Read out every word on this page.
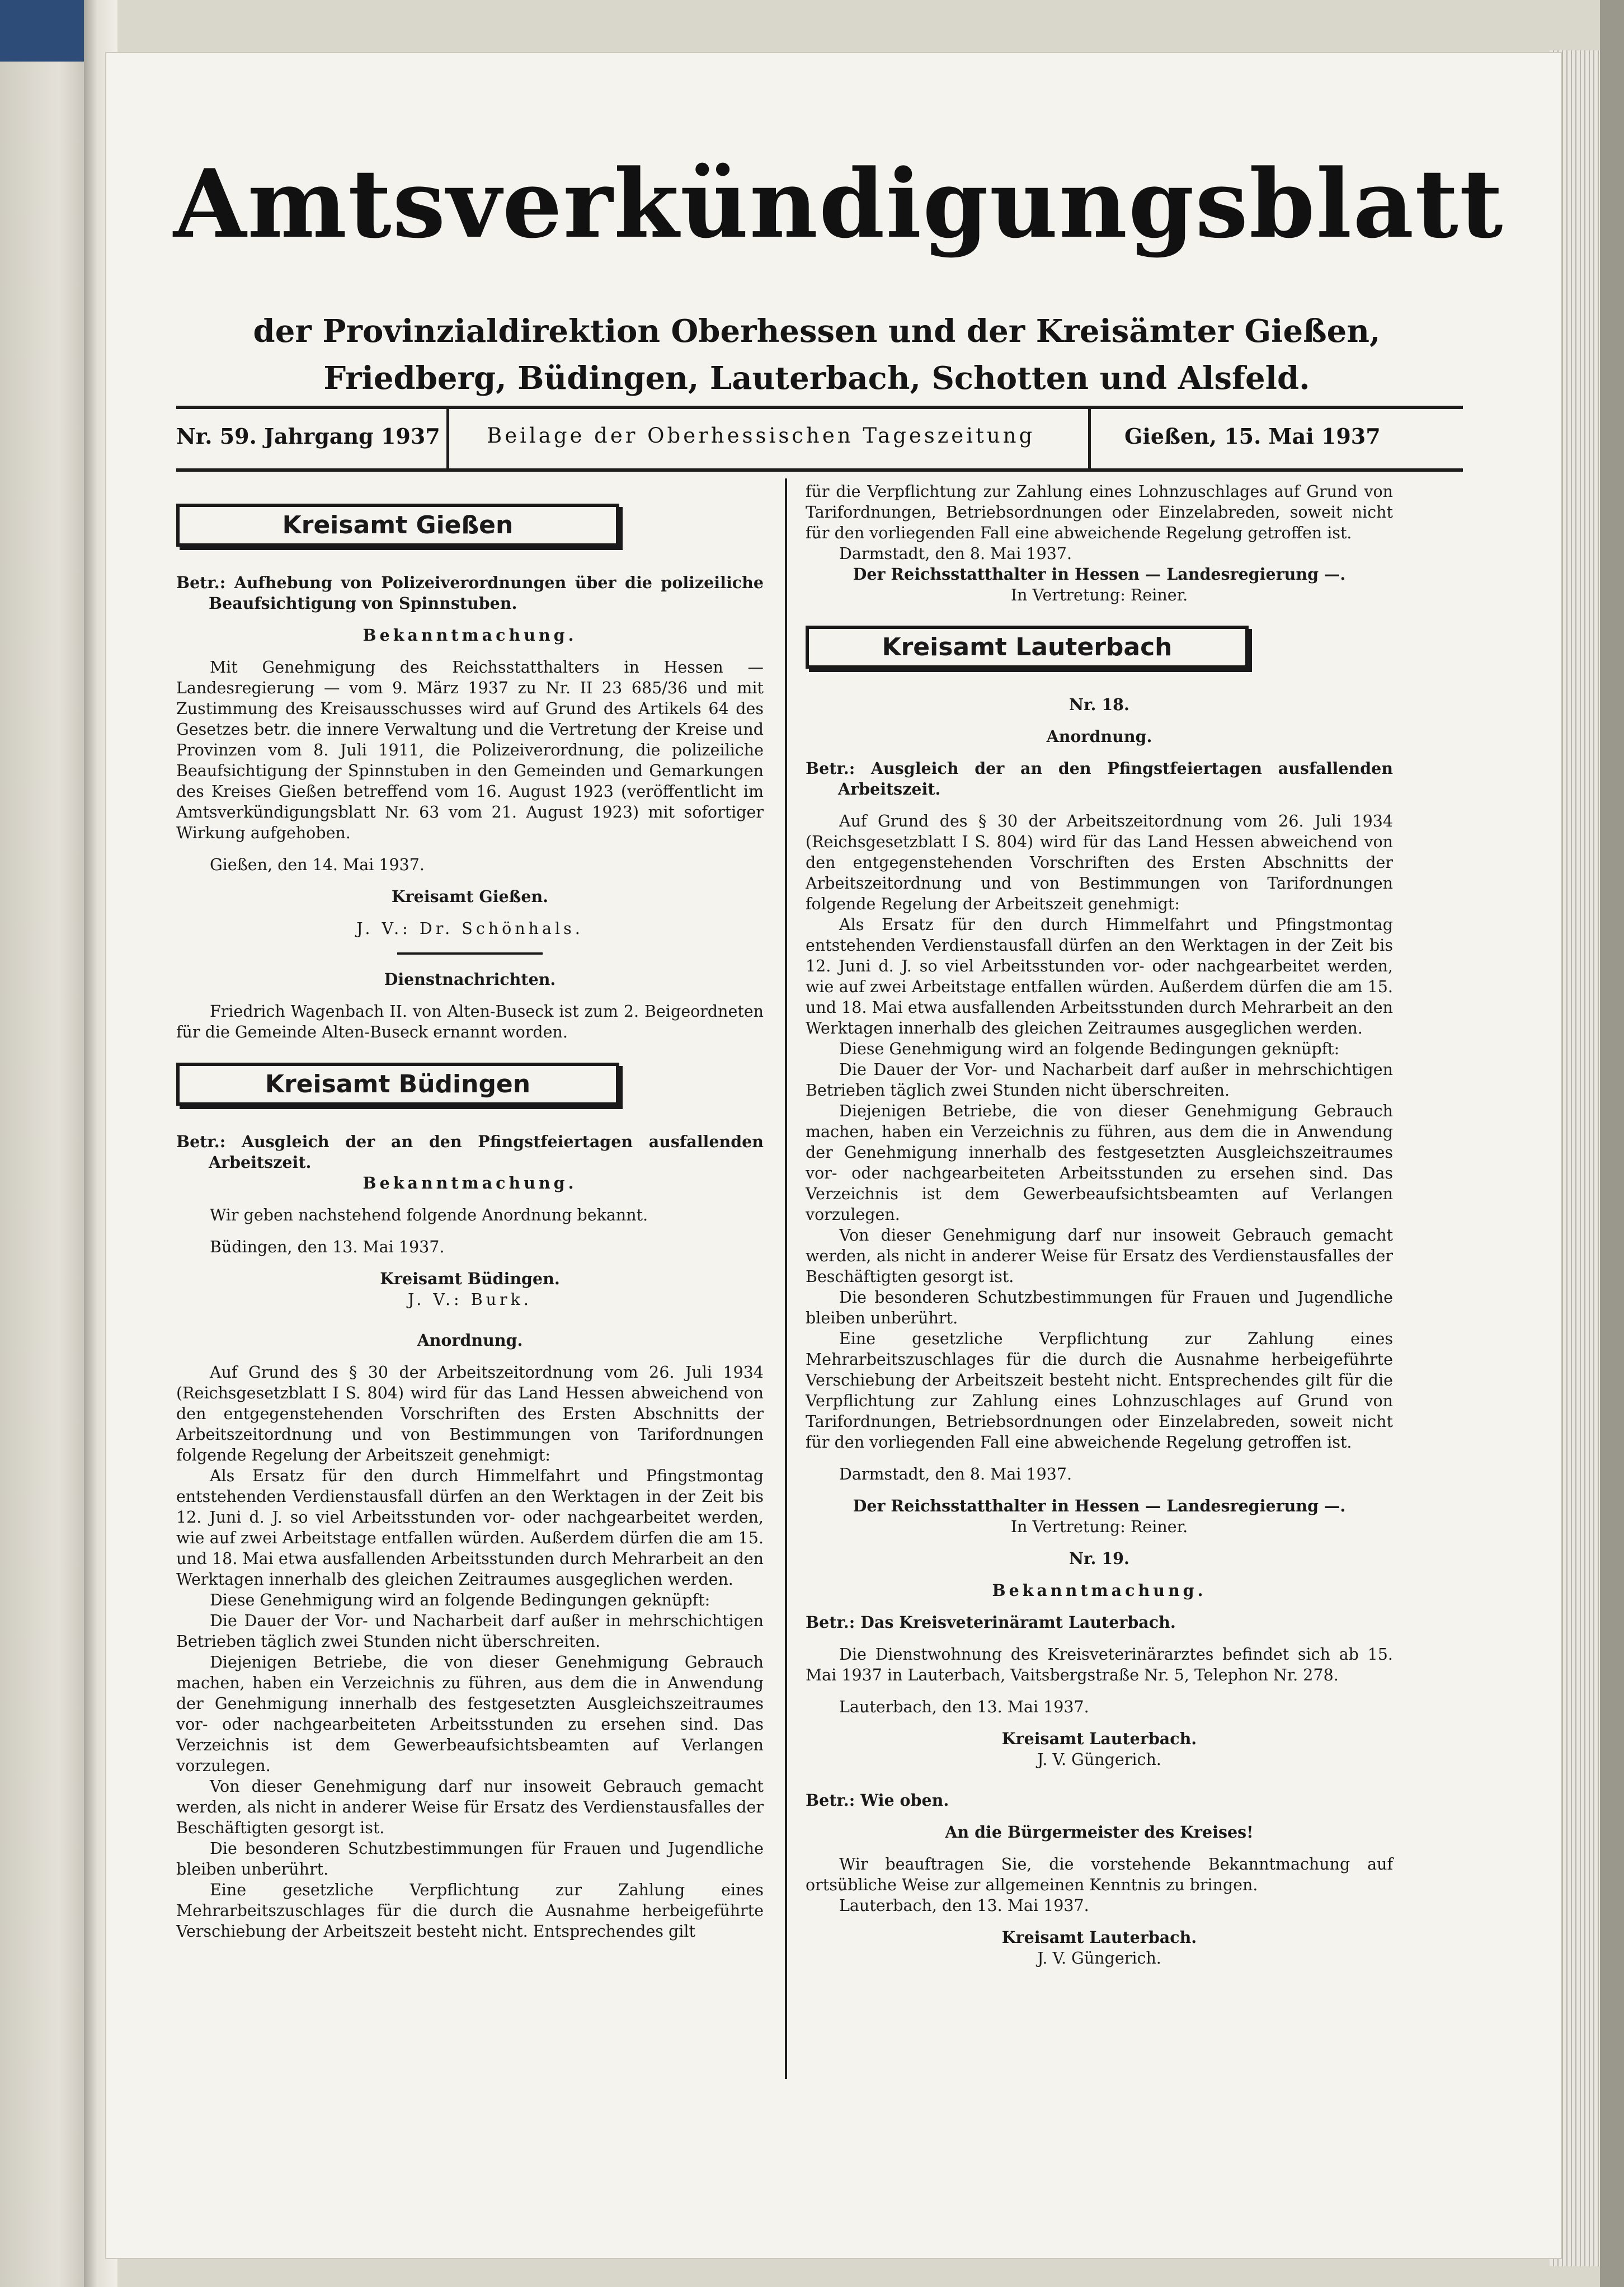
Amtsverkündigungsblatt
der Provinzialdirektion Oberhessen und der Kreisämter Gießen, Friedberg, Büdingen, Lauterbach, Schotten und Alsfeld.
Nr. 59. Jahrgang 1937 Beilage der Oberhessischen Tageszeitung	Gießen, 15. Mai 1937
Kreisamt Gießen

Betr.: Aufhebung von Polizeiverordnungen über die polizeiliche Beaufsichtigung von Spinnstuben.

Bekanntmachung.

Mit Genehmigung des Reichsstatthalters in Hessen — Landesregierung — vom 9. März 1937 zu Nr. II 23 685/36 und mit Zustimmung des Kreisausschusses wird auf Grund des Artikels 64 des Gesetzes betr. die innere Verwaltung und die Vertretung der Kreise und Provinzen vom 8. Juli 1911, die Polizeiverordnung, die polizeiliche Beaufsichtigung der Spinnstuben in den Gemeinden und Gemarkungen des Kreises Gießen betreffend vom 16. August 1923 (veröffentlicht im Amtsverkündigungsblatt Nr. 63 vom 21. August 1923) mit sofortiger Wirkung aufgehoben.

Gießen, den 14. Mai 1937.

Kreisamt Gießen.

J. V.: Dr. Schönhals.

Dienstnachrichten.

Friedrich Wagenbach II. von Alten-Buseck ist zum 2. Beigeordneten für die Gemeinde Alten-Buseck ernannt worden.

Kreisamt Büdingen

Betr.: Ausgleich der an den Pfingstfeiertagen ausfallenden Arbeitszeit.

Bekanntmachung.

Wir geben nachstehend folgende Anordnung bekannt.

Büdingen, den 13. Mai 1937.

Kreisamt Büdingen.

J. V.: Burk.

Anordnung.

Auf Grund des § 30 der Arbeitszeitordnung vom 26. Juli 1934 (Reichsgesetzblatt I S. 804) wird für das Land Hessen abweichend von den entgegenstehenden Vorschriften des Ersten Abschnitts der Arbeitszeitordnung und von Bestimmungen von Tarifordnungen folgende Regelung der Arbeitszeit genehmigt:

Als Ersatz für den durch Himmelfahrt und Pfingstmontag entstehenden Verdienstausfall dürfen an den Werktagen in der Zeit bis 12. Juni d. J. so viel Arbeitsstunden vor- oder nachgearbeitet werden, wie auf zwei Arbeitstage entfallen würden. Außerdem dürfen die am 15. und 18. Mai etwa ausfallenden Arbeitsstunden durch Mehrarbeit an den Werktagen innerhalb des gleichen Zeitraumes ausgeglichen werden.

Diese Genehmigung wird an folgende Bedingungen geknüpft:

Die Dauer der Vor- und Nacharbeit darf außer in mehrschichtigen Betrieben täglich zwei Stunden nicht überschreiten.

Diejenigen Betriebe, die von dieser Genehmigung Gebrauch machen, haben ein Verzeichnis zu führen, aus dem die in Anwendung der Genehmigung innerhalb des festgesetzten Ausgleichszeitraumes vor- oder nachgearbeiteten Arbeitsstunden zu ersehen sind. Das Verzeichnis ist dem Gewerbeaufsichtsbeamten auf Verlangen vorzulegen.

Von dieser Genehmigung darf nur insoweit Gebrauch gemacht werden, als nicht in anderer Weise für Ersatz des Verdienstausfalles der Beschäftigten gesorgt ist.

Die besonderen Schutzbestimmungen für Frauen und Jugendliche bleiben unberührt.

Eine gesetzliche Verpflichtung zur Zahlung eines Mehrarbeitszuschlages für die durch die Ausnahme herbeigeführte Verschiebung der Arbeitszeit besteht nicht. Entsprechendes gilt

für die Verpflichtung zur Zahlung eines Lohnzuschlages auf Grund von Tarifordnungen, Betriebsordnungen oder Einzelabreden, soweit nicht für den vorliegenden Fall eine abweichende Regelung getroffen ist.

Darmstadt, den 8. Mai 1937.

Der Reichsstatthalter in Hessen — Landesregierung —.

In Vertretung: Reiner.

Kreisamt Lauterbach

Nr. 18.

Anordnung.

Betr.: Ausgleich der an den Pfingstfeiertagen ausfallenden Arbeitszeit.

Auf Grund des § 30 der Arbeitszeitordnung vom 26. Juli 1934 (Reichsgesetzblatt I S. 804) wird für das Land Hessen abweichend von den entgegenstehenden Vorschriften des Ersten Abschnitts der Arbeitszeitordnung und von Bestimmungen von Tarifordnungen folgende Regelung der Arbeitszeit genehmigt:

Als Ersatz für den durch Himmelfahrt und Pfingstmontag entstehenden Verdienstausfall dürfen an den Werktagen in der Zeit bis 12. Juni d. J. so viel Arbeitsstunden vor- oder nachgearbeitet werden, wie auf zwei Arbeitstage entfallen würden. Außerdem dürfen die am 15. und 18. Mai etwa ausfallenden Arbeitsstunden durch Mehrarbeit an den Werktagen innerhalb des gleichen Zeitraumes ausgeglichen werden.

Diese Genehmigung wird an folgende Bedingungen geknüpft:

Die Dauer der Vor- und Nacharbeit darf außer in mehrschichtigen Betrieben täglich zwei Stunden nicht überschreiten.

Diejenigen Betriebe, die von dieser Genehmigung Gebrauch machen, haben ein Verzeichnis zu führen, aus dem die in Anwendung der Genehmigung innerhalb des festgesetzten Ausgleichszeitraumes vor- oder nachgearbeiteten Arbeitsstunden zu ersehen sind. Das Verzeichnis ist dem Gewerbeaufsichtsbeamten auf Verlangen vorzulegen.

Von dieser Genehmigung darf nur insoweit Gebrauch gemacht werden, als nicht in anderer Weise für Ersatz des Verdienstausfalles der Beschäftigten gesorgt ist.

Die besonderen Schutzbestimmungen für Frauen und Jugendliche bleiben unberührt.

Eine gesetzliche Verpflichtung zur Zahlung eines Mehrarbeitszuschlages für die durch die Ausnahme herbeigeführte Verschiebung der Arbeitszeit besteht nicht. Entsprechendes gilt für die Verpflichtung zur Zahlung eines Lohnzuschlages auf Grund von Tarifordnungen, Betriebsordnungen oder Einzelabreden, soweit nicht für den vorliegenden Fall eine abweichende Regelung getroffen ist.

Darmstadt, den 8. Mai 1937.

Der Reichsstatthalter in Hessen — Landesregierung —.

In Vertretung: Reiner.

Nr. 19.

Bekanntmachung.

Betr.: Das Kreisveterinäramt Lauterbach.

Die Dienstwohnung des Kreisveterinärarztes befindet sich ab 15. Mai 1937 in Lauterbach, Vaitsbergstraße Nr. 5, Telephon Nr. 278.

Lauterbach, den 13. Mai 1937.

Kreisamt Lauterbach.

J. V. Güngerich.

Betr.: Wie oben.

An die Bürgermeister des Kreises!

Wir beauftragen Sie, die vorstehende Bekanntmachung auf ortsübliche Weise zur allgemeinen Kenntnis zu bringen.

Lauterbach, den 13. Mai 1937.

Kreisamt Lauterbach.

J. V. Güngerich.
